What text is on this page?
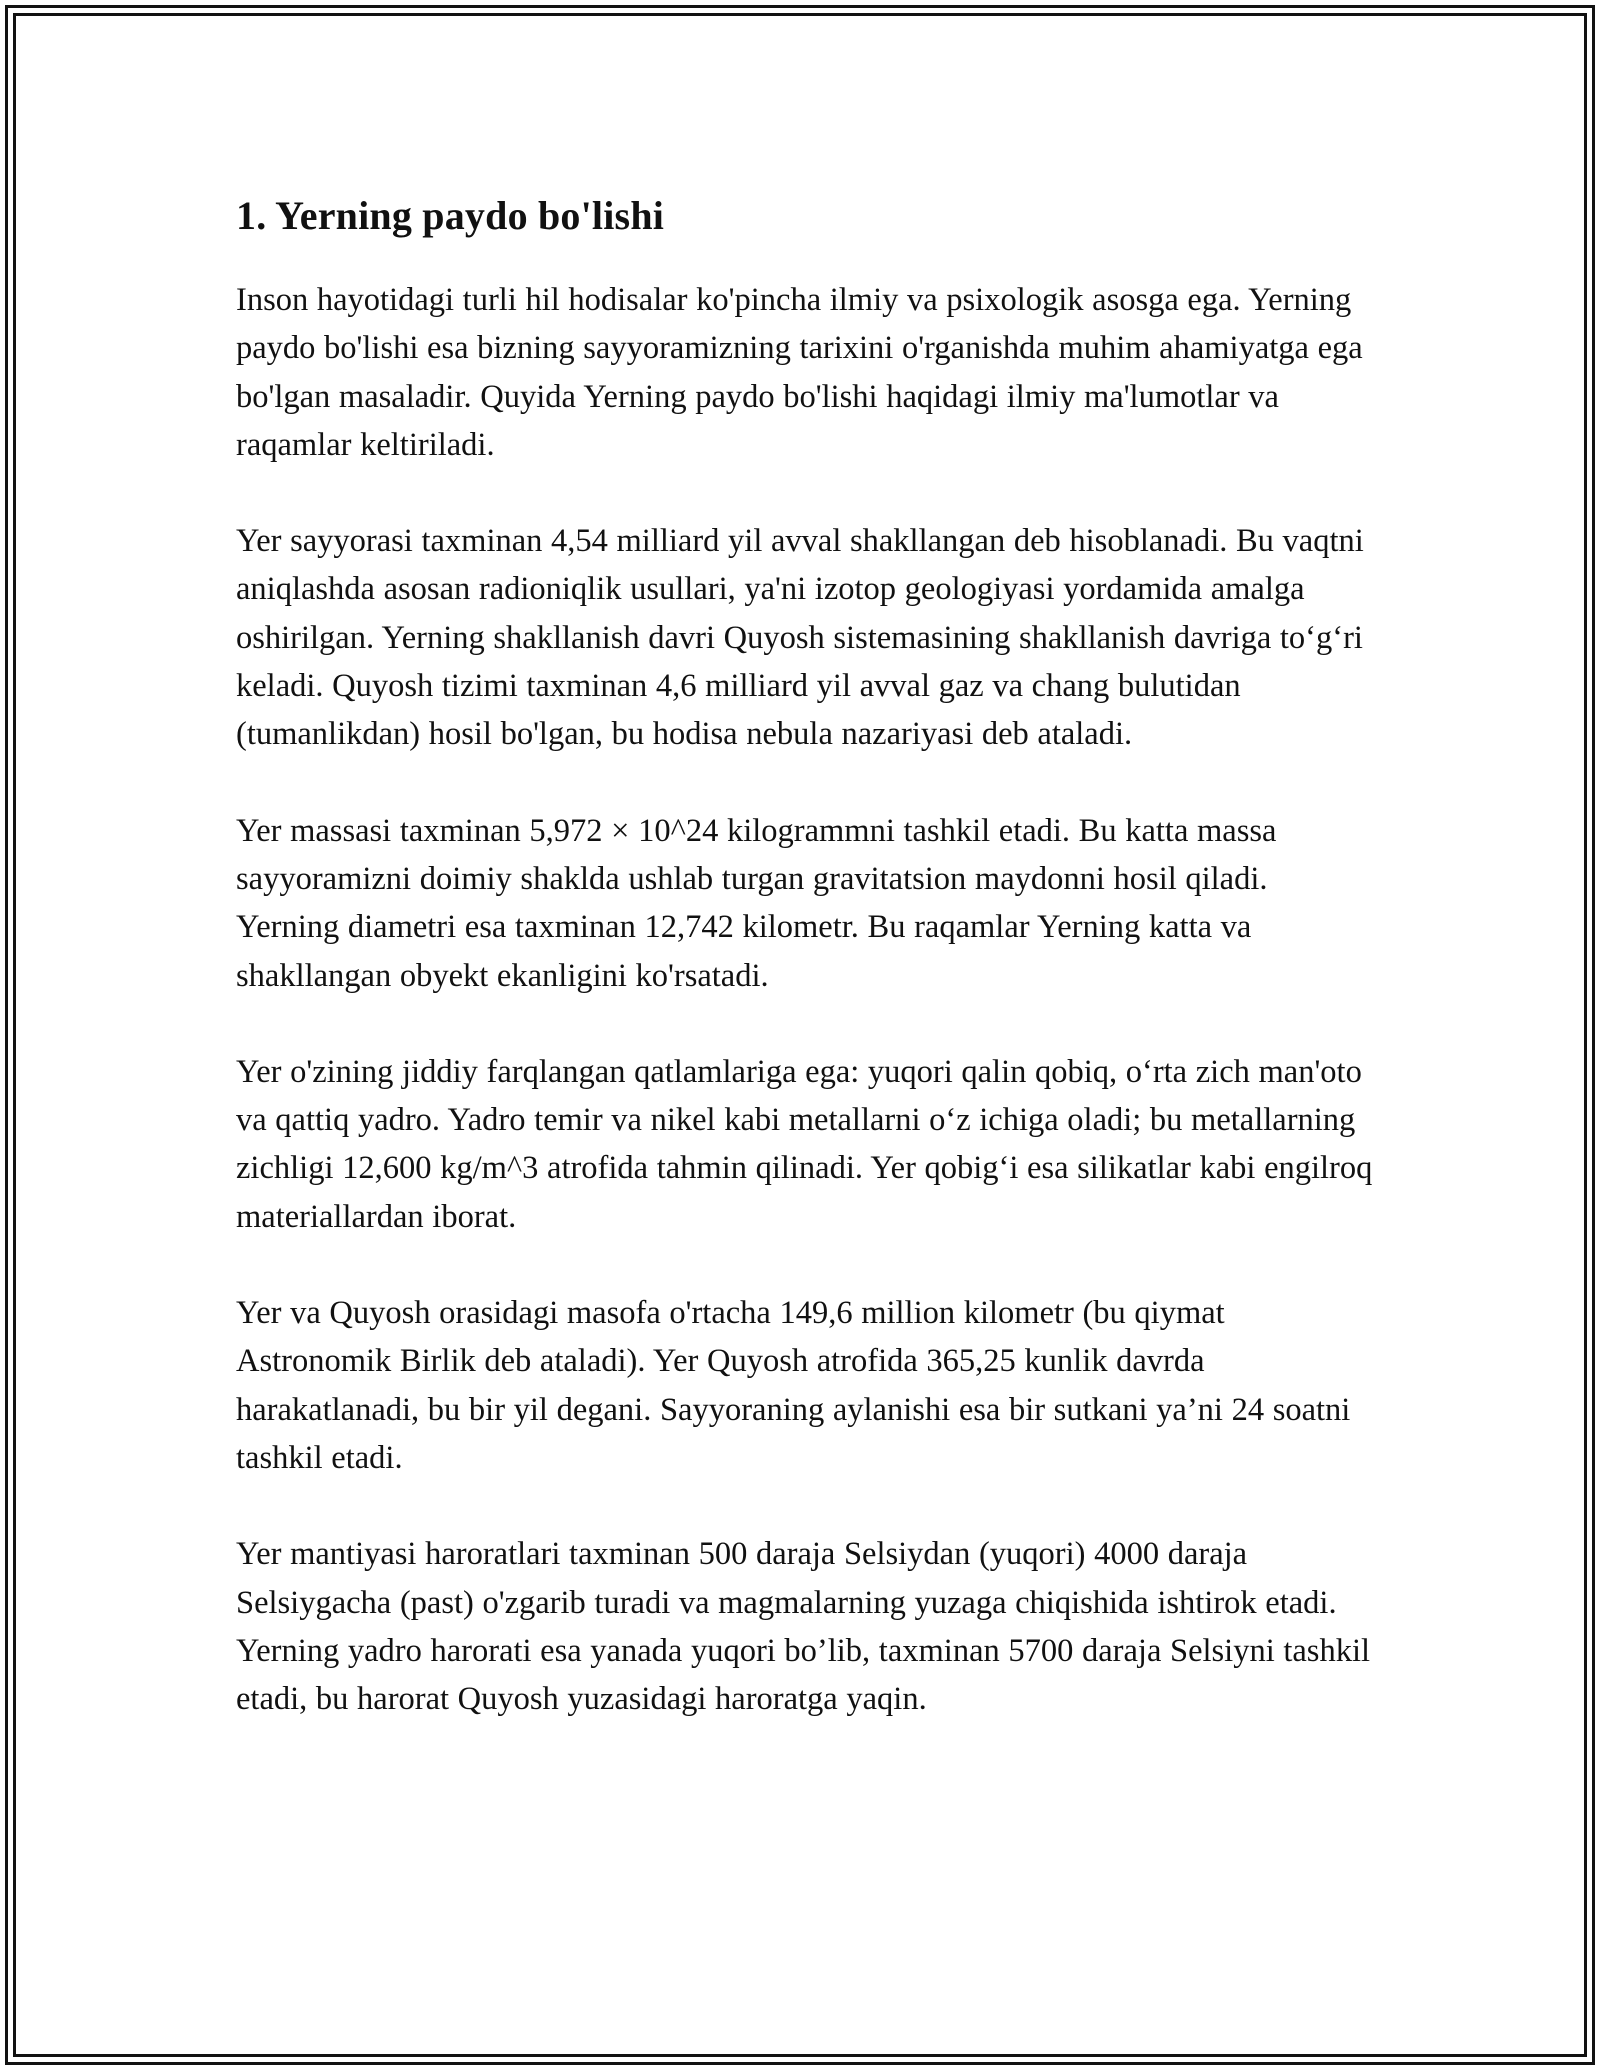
1. Yerning paydo bo'lishi

Inson hayotidagi turli hil hodisalar ko'pincha ilmiy va psixologik asosga ega. Yerning paydo bo'lishi esa bizning sayyoramizning tarixini o'rganishda muhim ahamiyatga ega bo'lgan masaladir. Quyida Yerning paydo bo'lishi haqidagi ilmiy ma'lumotlar va raqamlar keltiriladi.

Yer sayyorasi taxminan 4,54 milliard yil avval shakllangan deb hisoblanadi. Bu vaqtni aniqlashda asosan radioniqlik usullari, ya'ni izotop geologiyasi yordamida amalga oshirilgan. Yerning shakllanish davri Quyosh sistemasining shakllanish davriga to‘g‘ri keladi. Quyosh tizimi taxminan 4,6 milliard yil avval gaz va chang bulutidan (tumanlikdan) hosil bo'lgan, bu hodisa nebula nazariyasi deb ataladi.

Yer massasi taxminan 5,972 × 10^24 kilogrammni tashkil etadi. Bu katta massa sayyoramizni doimiy shaklda ushlab turgan gravitatsion maydonni hosil qiladi. Yerning diametri esa taxminan 12,742 kilometr. Bu raqamlar Yerning katta va shakllangan obyekt ekanligini ko'rsatadi.

Yer o'zining jiddiy farqlangan qatlamlariga ega: yuqori qalin qobiq, o‘rta zich man'oto va qattiq yadro. Yadro temir va nikel kabi metallarni o‘z ichiga oladi; bu metallarning zichligi 12,600 kg/m^3 atrofida tahmin qilinadi. Yer qobig‘i esa silikatlar kabi engilroq materiallardan iborat.

Yer va Quyosh orasidagi masofa o'rtacha 149,6 million kilometr (bu qiymat Astronomik Birlik deb ataladi). Yer Quyosh atrofida 365,25 kunlik davrda harakatlanadi, bu bir yil degani. Sayyoraning aylanishi esa bir sutkani ya’ni 24 soatni tashkil etadi.

Yer mantiyasi haroratlari taxminan 500 daraja Selsiydan (yuqori) 4000 daraja Selsiygacha (past) o'zgarib turadi va magmalarning yuzaga chiqishida ishtirok etadi. Yerning yadro harorati esa yanada yuqori bo’lib, taxminan 5700 daraja Selsiyni tashkil etadi, bu harorat Quyosh yuzasidagi haroratga yaqin.
